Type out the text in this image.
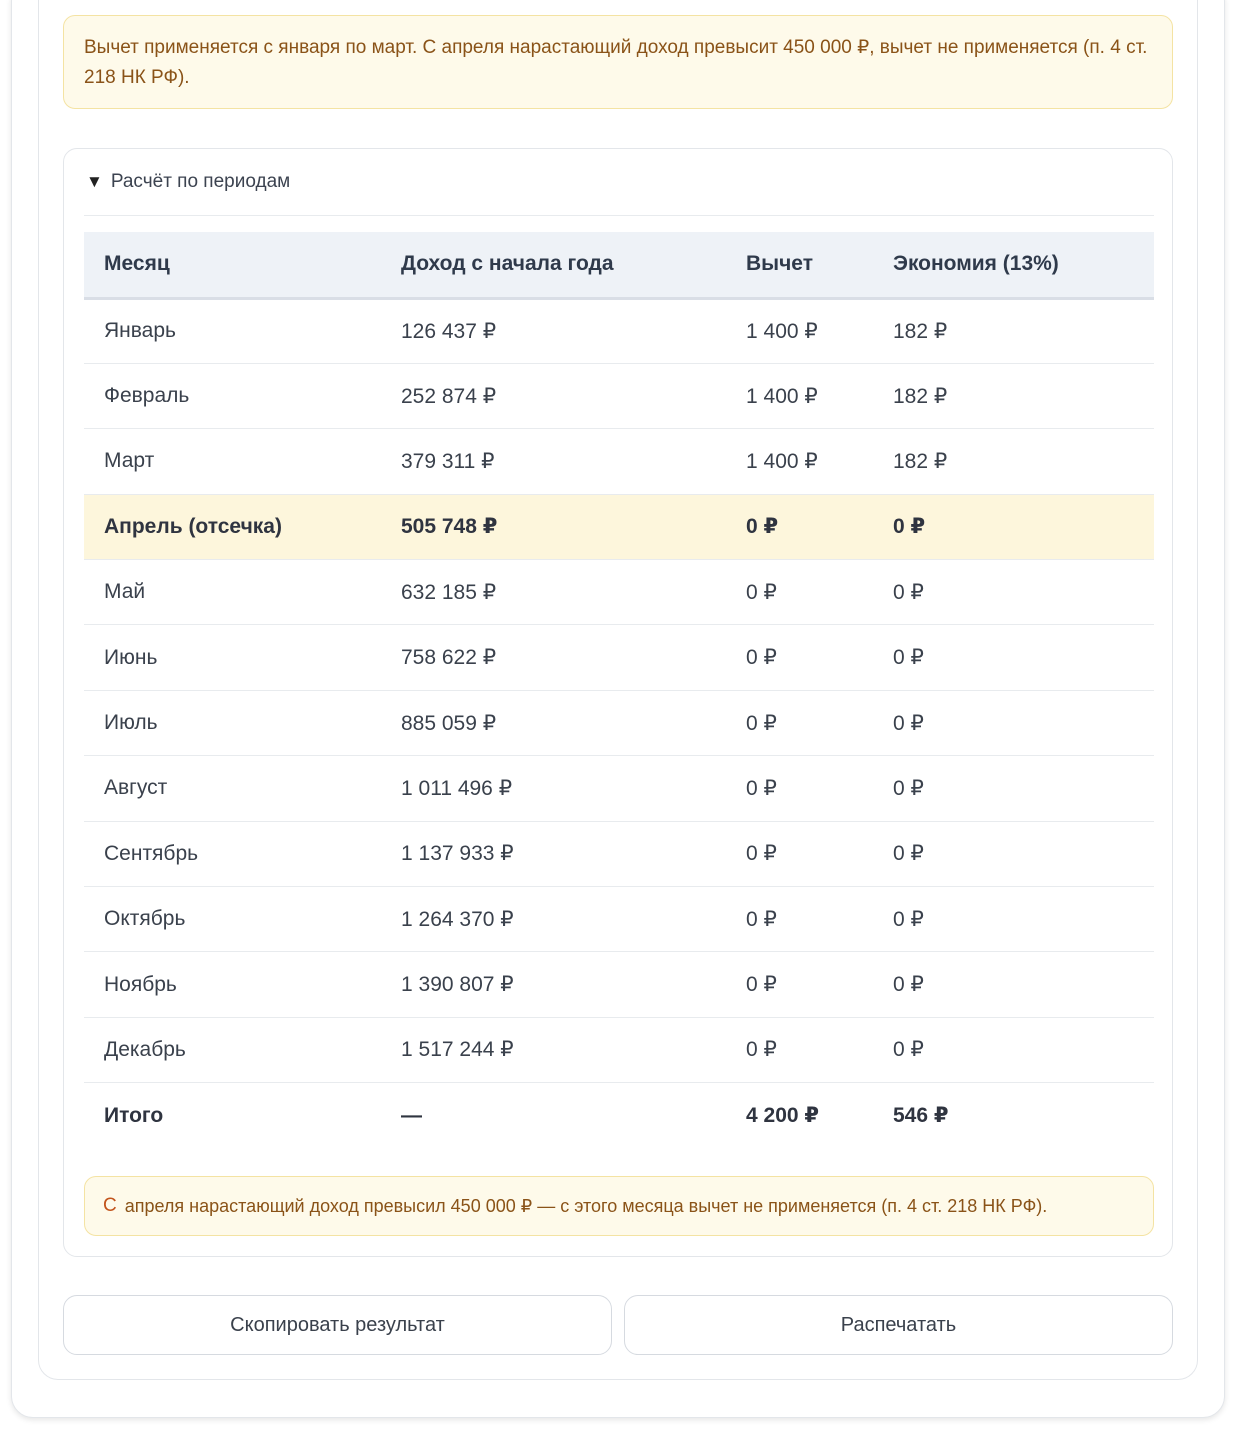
Вычет применяется с января по март. С апреля нарастающий доход превысит 450 000 ₽, вычет не применяется (п. 4 ст. 218 НК РФ).
▼ Расчёт по периодам
Месяц	Доход с начала года	Вычет	Экономия (13%)
Январь	126 437 ₽	1 400 ₽	182 ₽
Февраль	252 874 ₽	1 400 ₽	182 ₽
Март	379 311 ₽	1 400 ₽	182 ₽
Апрель (отсечка)	505 748 ₽	0 ₽	0 ₽
Май	632 185 ₽	0 ₽	0 ₽
Июнь	758 622 ₽	0 ₽	0 ₽
Июль	885 059 ₽	0 ₽	0 ₽
Август	1 011 496 ₽	0 ₽	0 ₽
Сентябрь	1 137 933 ₽	0 ₽	0 ₽
Октябрь	1 264 370 ₽	0 ₽	0 ₽
Ноябрь	1 390 807 ₽	0 ₽	0 ₽
Декабрь	1 517 244 ₽	0 ₽	0 ₽
Итого	—	4 200 ₽	546 ₽
С апреля нарастающий доход превысил 450 000 ₽ — с этого месяца вычет не применяется (п. 4 ст. 218 НК РФ).
Скопировать результат	Распечатать
